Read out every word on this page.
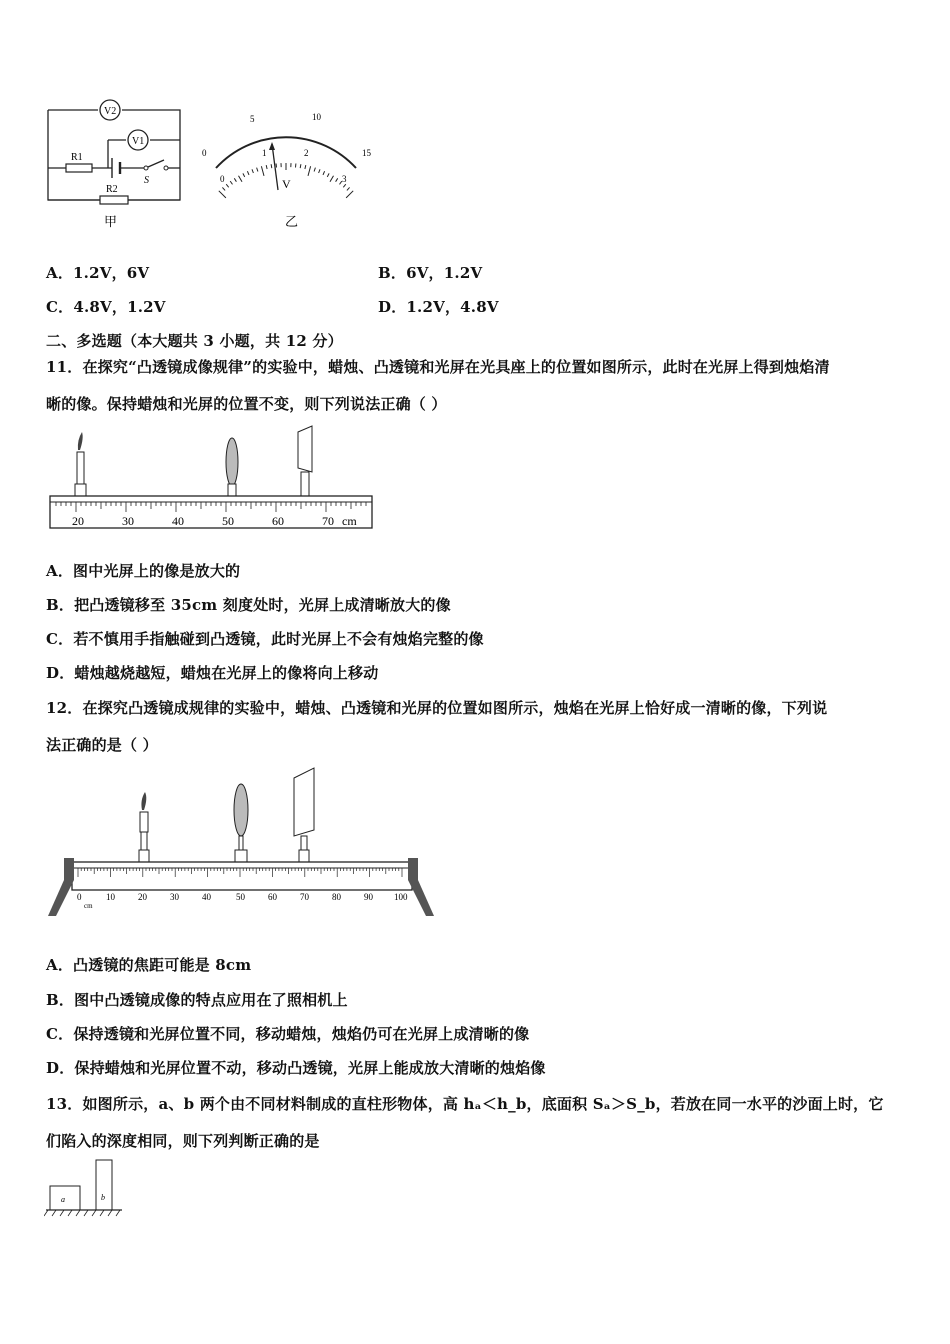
V2
V1
R1
S
R2
甲
0
5	10
15
0
1	2
3
V
乙
A．1.2V，6V	B．6V，1.2V
C．4.8V，1.2V	D．1.2V，4.8V
二、多选题（本大题共 3 小题，共 12 分）
11．在探究“凸透镜成像规律”的实验中，蜡烛、凸透镜和光屏在光具座上的位置如图所示，此时在光屏上得到烛焰清
晰的像。保持蜡烛和光屏的位置不变，则下列说法正确（ ）
20	30	40	50	60	70 cm
A．图中光屏上的像是放大的
B．把凸透镜移至 35cm 刻度处时，光屏上成清晰放大的像
C．若不慎用手指触碰到凸透镜，此时光屏上不会有烛焰完整的像
D．蜡烛越烧越短，蜡烛在光屏上的像将向上移动
12．在探究凸透镜成规律的实验中，蜡烛、凸透镜和光屏的位置如图所示，烛焰在光屏上恰好成一清晰的像，下列说
法正确的是（ ）
0	10	20	30	40	50	60	70	80	90 100
cm
A．凸透镜的焦距可能是 8cm
B．图中凸透镜成像的特点应用在了照相机上
C．保持透镜和光屏位置不同，移动蜡烛，烛焰仍可在光屏上成清晰的像
D．保持蜡烛和光屏位置不动，移动凸透镜，光屏上能成放大清晰的烛焰像
13．如图所示，a、b 两个由不同材料制成的直柱形物体，高 hₐ＜h_b，底面积 Sₐ＞S_b，若放在同一水平的沙面上时，它
们陷入的深度相同，则下列判断正确的是
a	b
